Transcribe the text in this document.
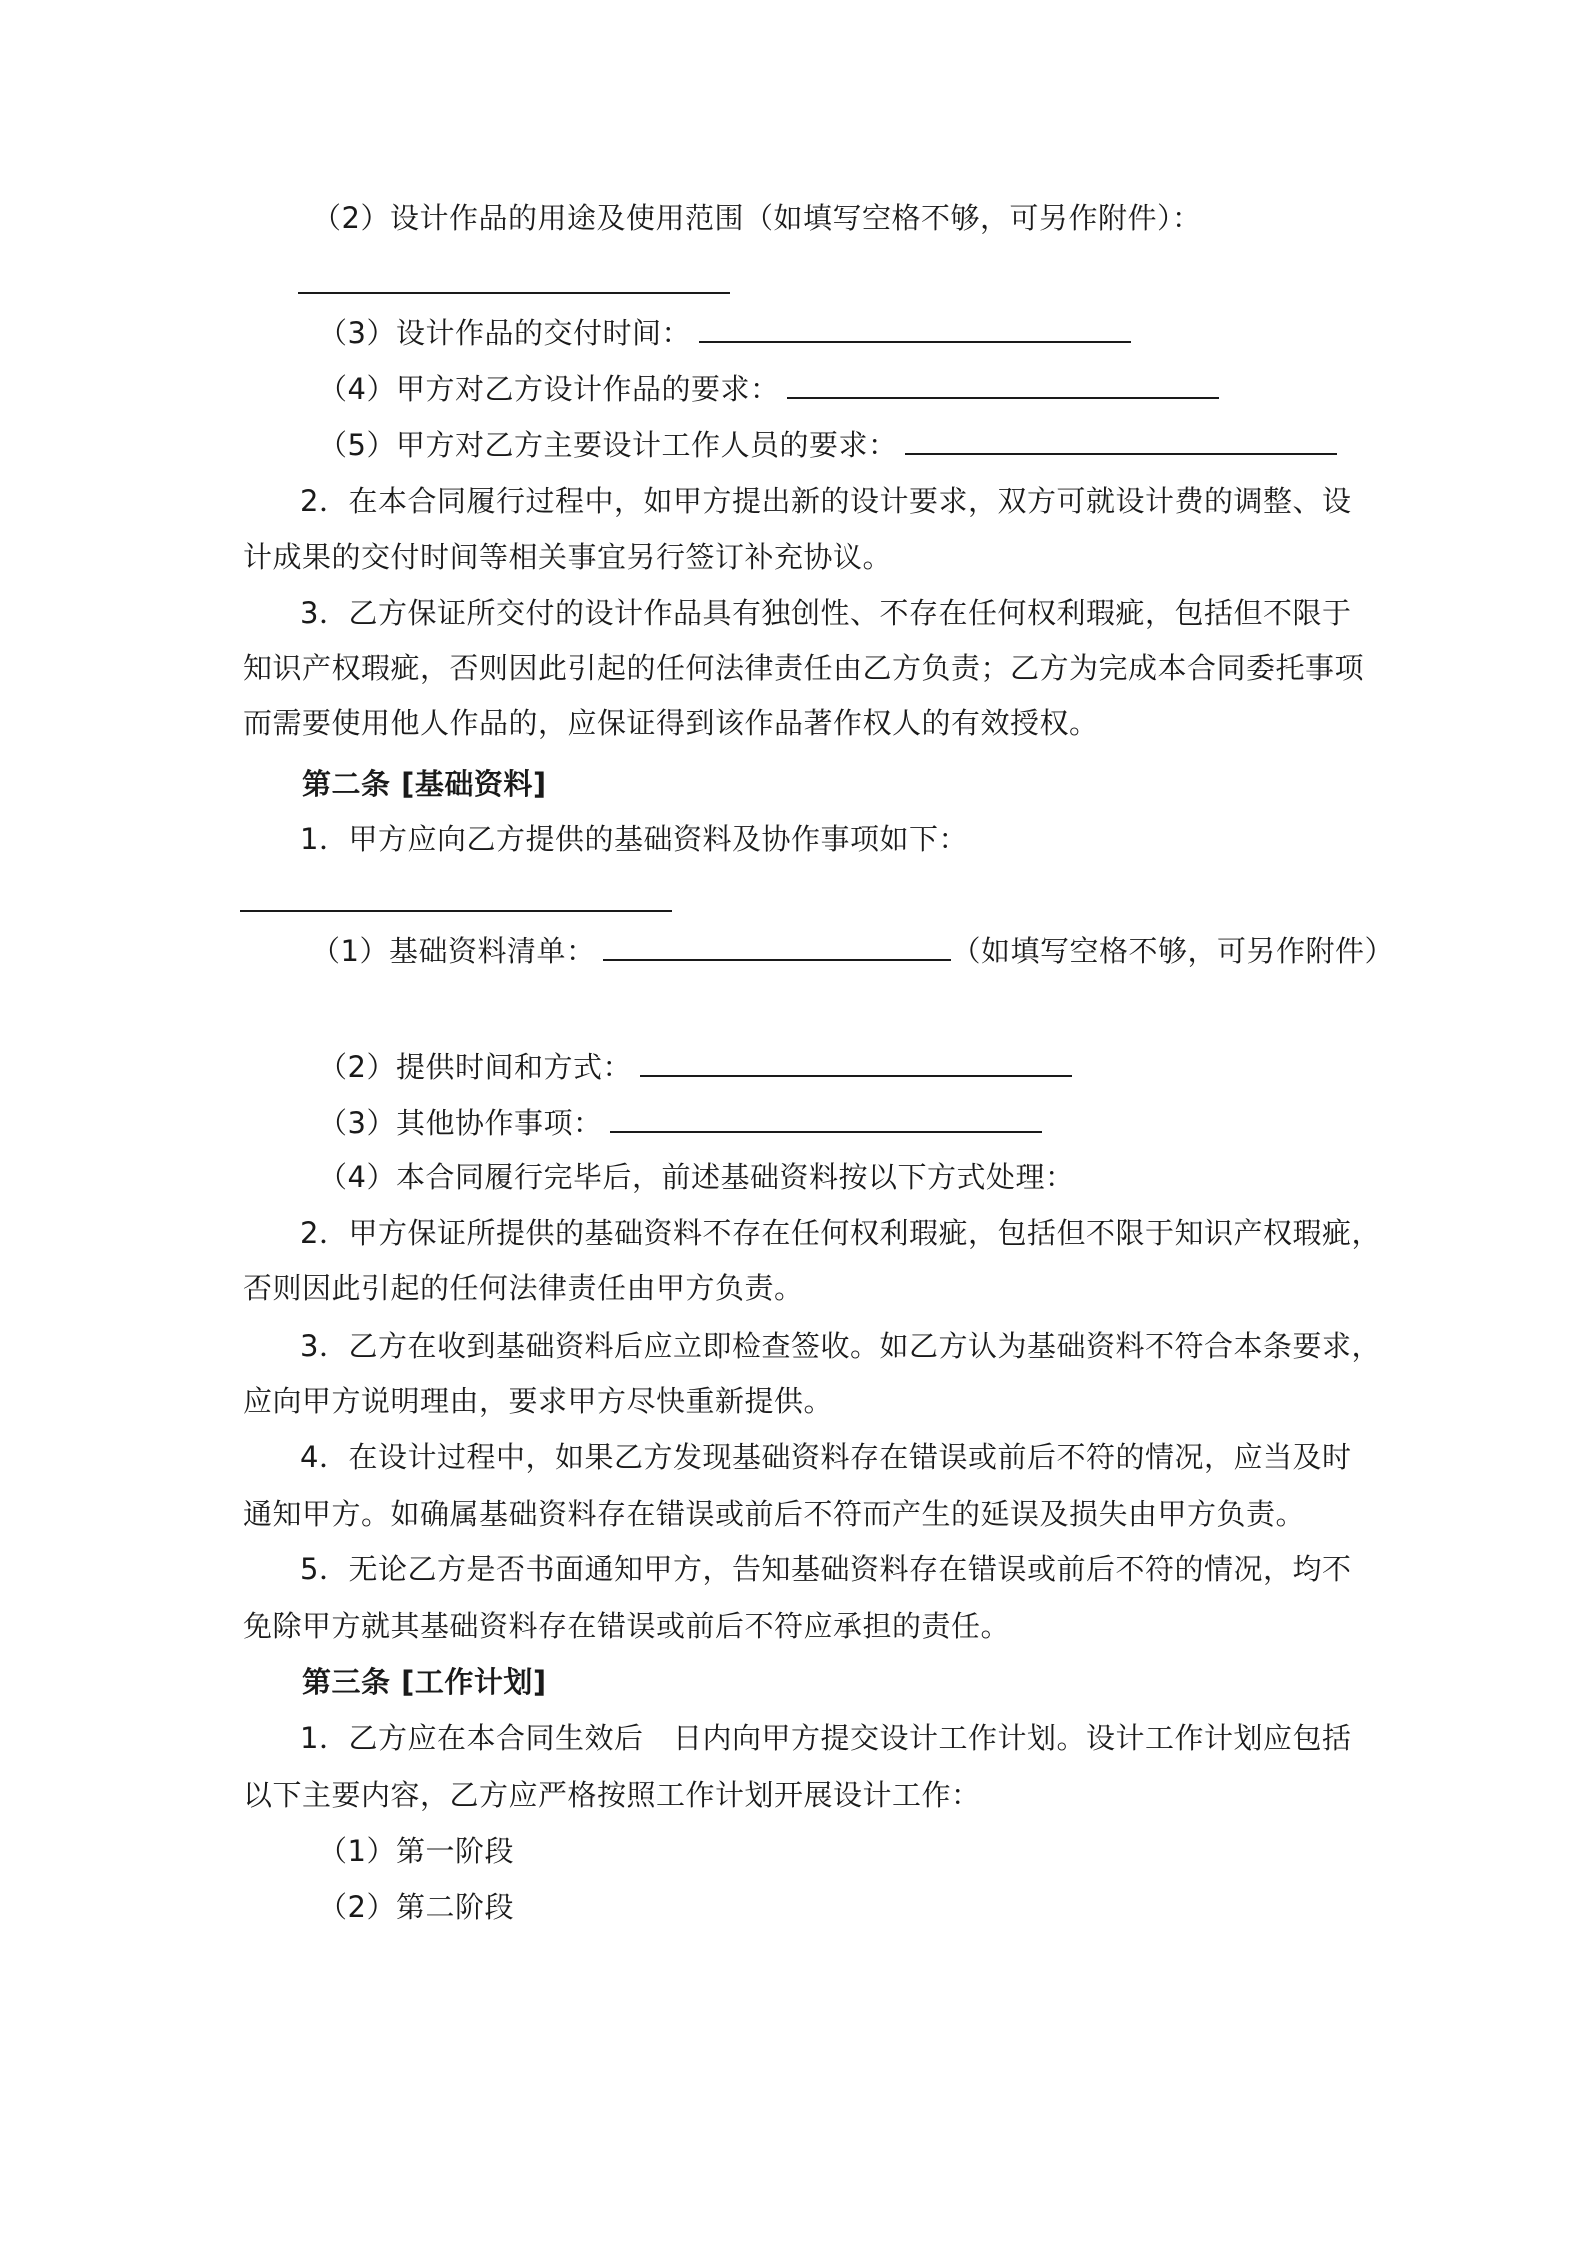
（2）设计作品的用途及使用范围（如填写空格不够，可另作附件）：
（3）设计作品的交付时间：
（4）甲方对乙方设计作品的要求：
（5）甲方对乙方主要设计工作人员的要求：
2．在本合同履行过程中，如甲方提出新的设计要求，双方可就设计费的调整、设
计成果的交付时间等相关事宜另行签订补充协议。
3．乙方保证所交付的设计作品具有独创性、不存在任何权利瑕疵，包括但不限于
知识产权瑕疵，否则因此引起的任何法律责任由乙方负责；乙方为完成本合同委托事项
而需要使用他人作品的，应保证得到该作品著作权人的有效授权。
第二条 [基础资料]
1．甲方应向乙方提供的基础资料及协作事项如下：
（1）基础资料清单：	（如填写空格不够，可另作附件）
（2）提供时间和方式：
（3）其他协作事项：
（4）本合同履行完毕后，前述基础资料按以下方式处理：
2．甲方保证所提供的基础资料不存在任何权利瑕疵，包括但不限于知识产权瑕疵，
否则因此引起的任何法律责任由甲方负责。
3．乙方在收到基础资料后应立即检查签收。如乙方认为基础资料不符合本条要求，
应向甲方说明理由，要求甲方尽快重新提供。
4．在设计过程中，如果乙方发现基础资料存在错误或前后不符的情况，应当及时
通知甲方。如确属基础资料存在错误或前后不符而产生的延误及损失由甲方负责。
5．无论乙方是否书面通知甲方，告知基础资料存在错误或前后不符的情况，均不
免除甲方就其基础资料存在错误或前后不符应承担的责任。
第三条 [工作计划]
1．乙方应在本合同生效后　日内向甲方提交设计工作计划。设计工作计划应包括
以下主要内容，乙方应严格按照工作计划开展设计工作：
（1）第一阶段
（2）第二阶段
